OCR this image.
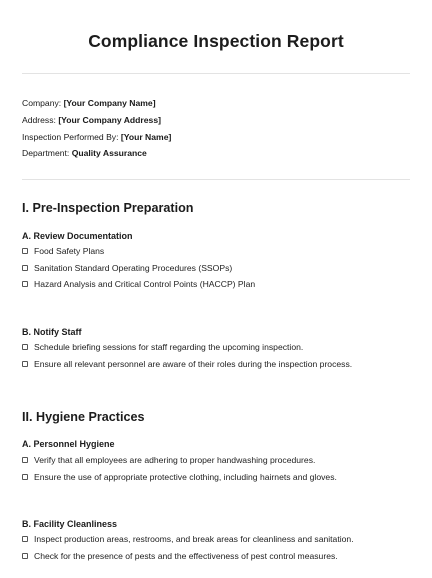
Compliance Inspection Report
Company: [Your Company Name]
Address: [Your Company Address]
Inspection Performed By: [Your Name]
Department: Quality Assurance
I. Pre-Inspection Preparation
A. Review Documentation
Food Safety Plans
Sanitation Standard Operating Procedures (SSOPs)
Hazard Analysis and Critical Control Points (HACCP) Plan
B. Notify Staff
Schedule briefing sessions for staff regarding the upcoming inspection.
Ensure all relevant personnel are aware of their roles during the inspection process.
II. Hygiene Practices
A. Personnel Hygiene
Verify that all employees are adhering to proper handwashing procedures.
Ensure the use of appropriate protective clothing, including hairnets and gloves.
B. Facility Cleanliness
Inspect production areas, restrooms, and break areas for cleanliness and sanitation.
Check for the presence of pests and the effectiveness of pest control measures.
